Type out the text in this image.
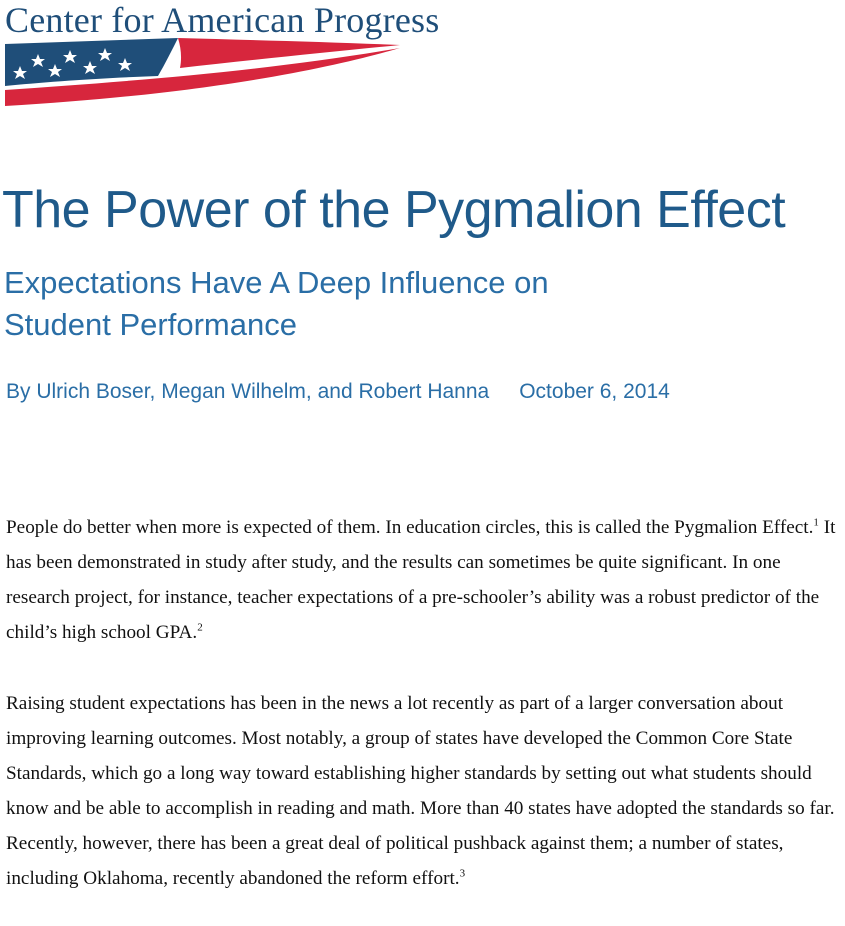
Center for American Progress
The Power of the Pygmalion Effect
Expectations Have A Deep Influence on Student Performance
By Ulrich Boser, Megan Wilhelm, and Robert Hanna October 6, 2014

People do better when more is expected of them. In education circles, this is called the Pygmalion Effect.$^1$ It has been demonstrated in study after study, and the results can sometimes be quite significant. In one research project, for instance, teacher expectations of a pre-schooler’s ability was a robust predictor of the child’s high school GPA.$^2$

Raising student expectations has been in the news a lot recently as part of a larger conversation about improving learning outcomes. Most notably, a group of states have developed the Common Core State Standards, which go a long way toward establishing higher standards by setting out what students should know and be able to accomplish in reading and math. More than 40 states have adopted the standards so far. Recently, however, there has been a great deal of political pushback against them; a number of states, including Oklahoma, recently abandoned the reform effort.$^3$
